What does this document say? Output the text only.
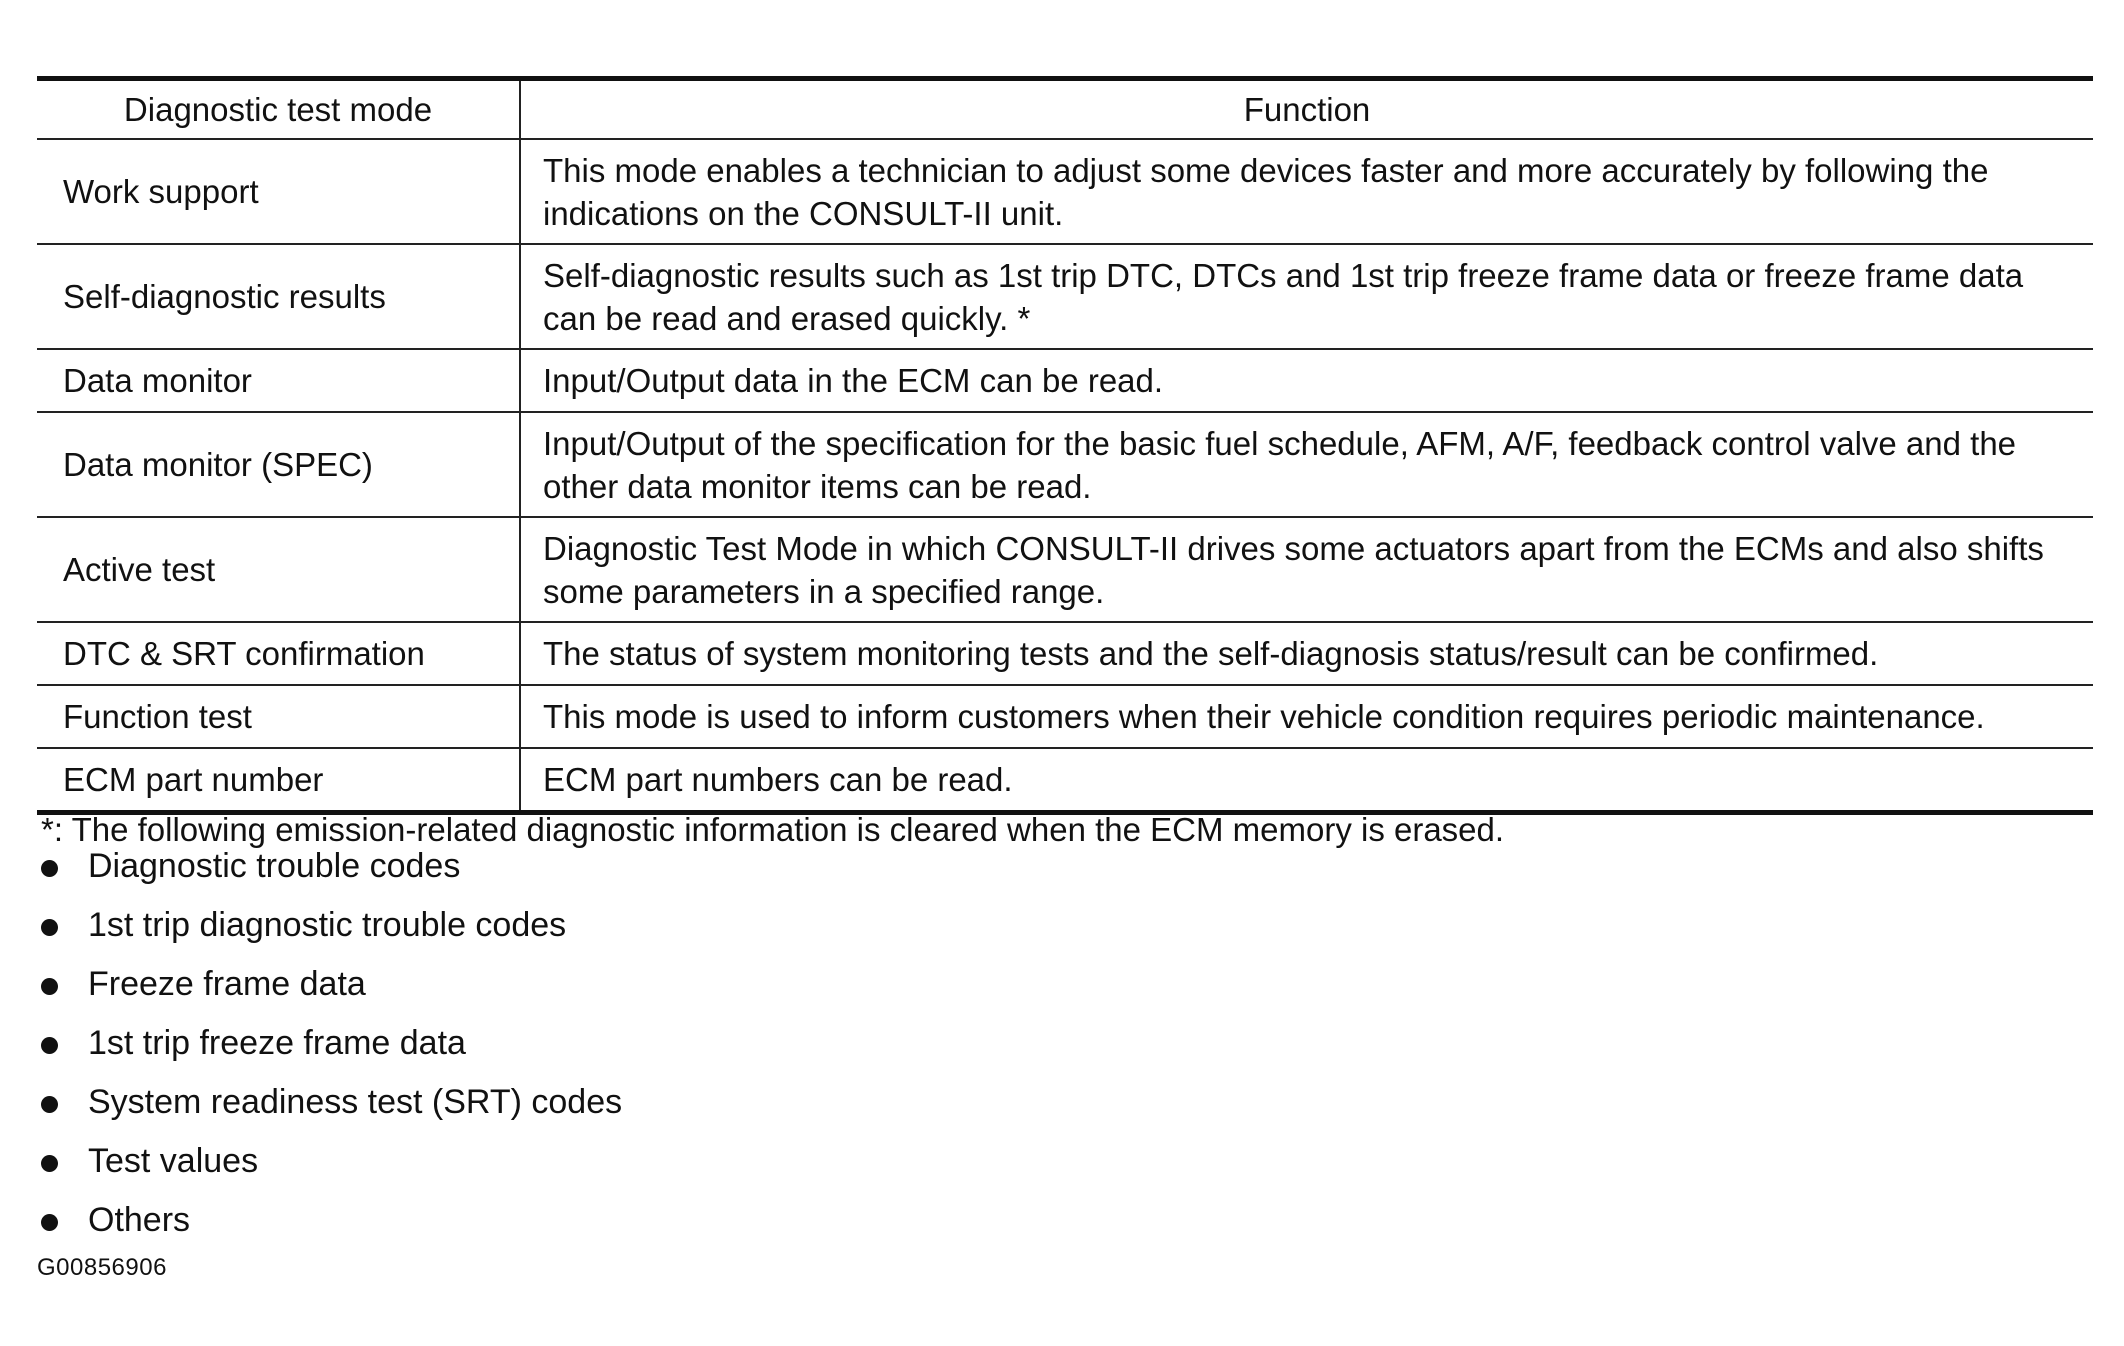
Diagnostic test mode	Function
Work support	This mode enables a technician to adjust some devices faster and more accurately by following the indications on the CONSULT-II unit.
Self-diagnostic results	Self-diagnostic results such as 1st trip DTC, DTCs and 1st trip freeze frame data or freeze frame data can be read and erased quickly. *
Data monitor	Input/Output data in the ECM can be read.
Data monitor (SPEC)	Input/Output of the specification for the basic fuel schedule, AFM, A/F, feedback control valve and the other data monitor items can be read.
Active test	Diagnostic Test Mode in which CONSULT-II drives some actuators apart from the ECMs and also shifts some parameters in a specified range.
DTC & SRT confirmation	The status of system monitoring tests and the self-diagnosis status/result can be confirmed.
Function test	This mode is used to inform customers when their vehicle condition requires periodic maintenance.
ECM part number	ECM part numbers can be read.
*: The following emission-related diagnostic information is cleared when the ECM memory is erased.
Diagnostic trouble codes
1st trip diagnostic trouble codes
Freeze frame data
1st trip freeze frame data
System readiness test (SRT) codes
Test values
Others
G00856906
